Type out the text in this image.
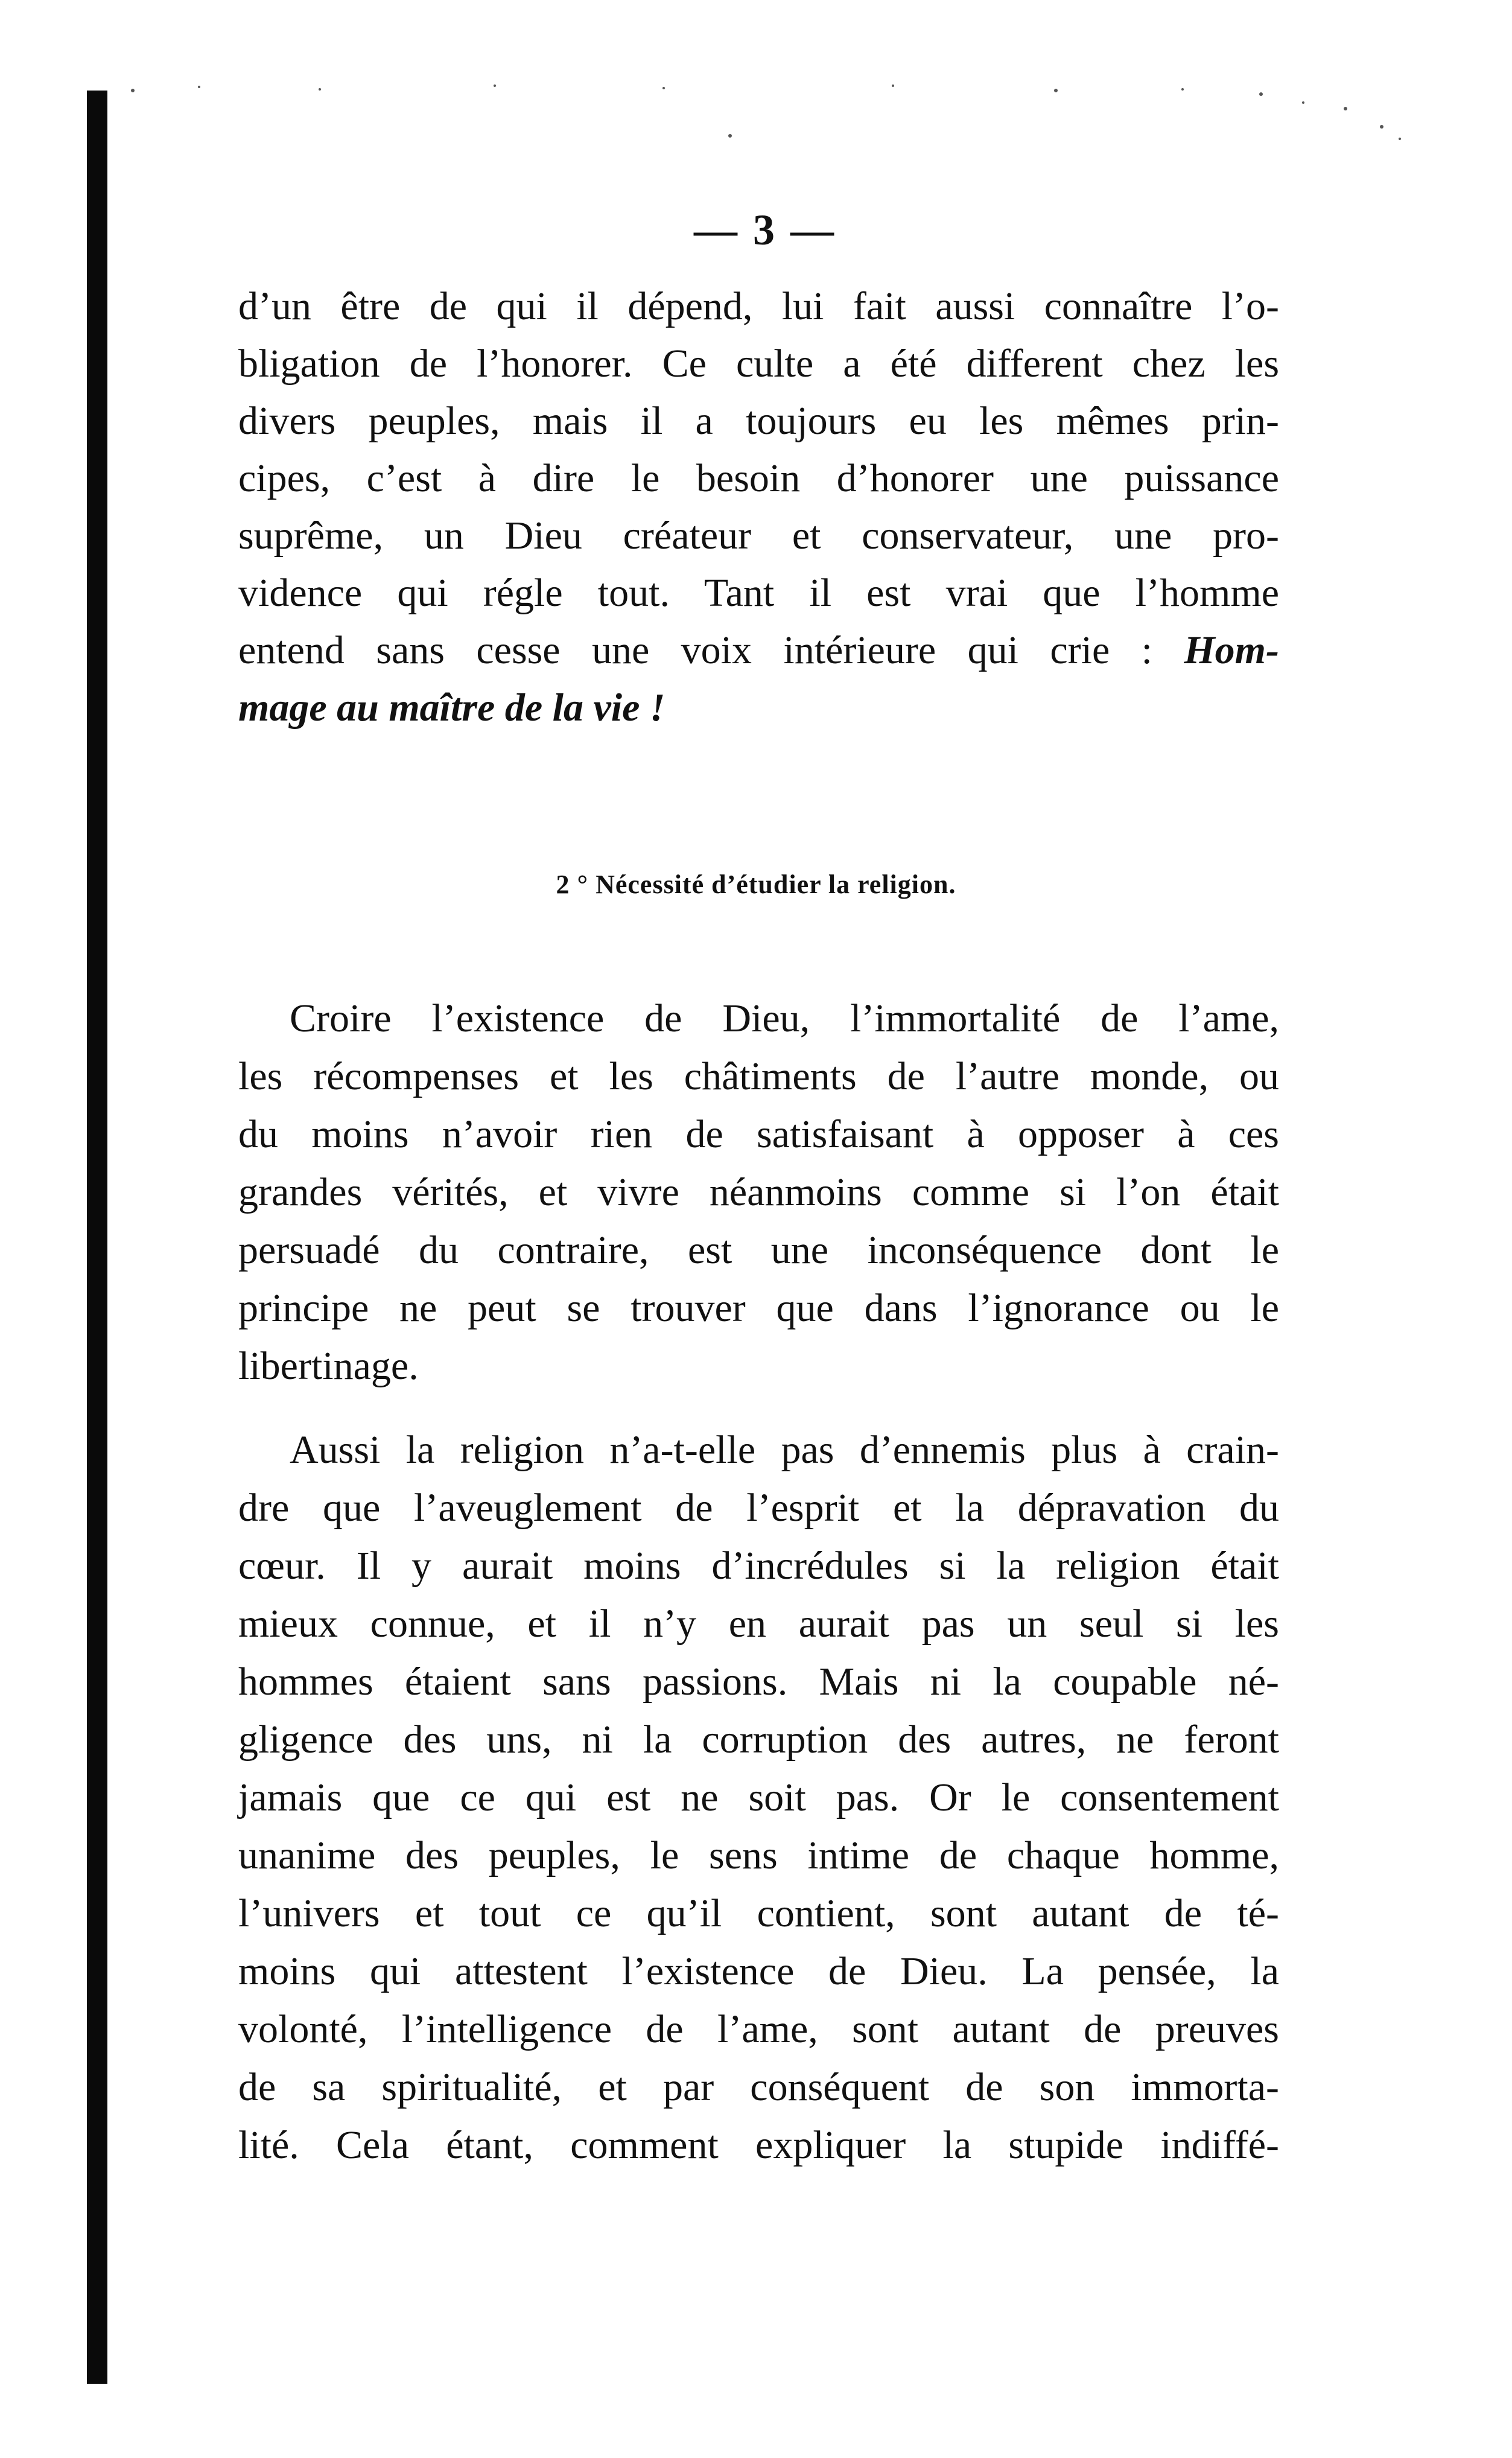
— 3 —
d’un être de qui il dépend, lui fait aussi connaître l’o-
bligation de l’honorer. Ce culte a été different chez les
divers peuples, mais il a toujours eu les mêmes prin-
cipes, c’est à dire le besoin d’honorer une puissance
suprême, un Dieu créateur et conservateur, une pro-
vidence qui régle tout. Tant il est vrai que l’homme
entend sans cesse une voix intérieure qui crie : Hom-
mage au maître de la vie !
2 ° Nécessité d’étudier la religion.
Croire l’existence de Dieu, l’immortalité de l’ame,
les récompenses et les châtiments de l’autre monde, ou
du moins n’avoir rien de satisfaisant à opposer à ces
grandes vérités, et vivre néanmoins comme si l’on était
persuadé du contraire, est une inconséquence dont le
principe ne peut se trouver que dans l’ignorance ou le
libertinage.
Aussi la religion n’a-t-elle pas d’ennemis plus à crain-
dre que l’aveuglement de l’esprit et la dépravation du
cœur. Il y aurait moins d’incrédules si la religion était
mieux connue, et il n’y en aurait pas un seul si les
hommes étaient sans passions. Mais ni la coupable né-
gligence des uns, ni la corruption des autres, ne feront
jamais que ce qui est ne soit pas. Or le consentement
unanime des peuples, le sens intime de chaque homme,
l’univers et tout ce qu’il contient, sont autant de té-
moins qui attestent l’existence de Dieu. La pensée, la
volonté, l’intelligence de l’ame, sont autant de preuves
de sa spiritualité, et par conséquent de son immorta-
lité. Cela étant, comment expliquer la stupide indiffé-
